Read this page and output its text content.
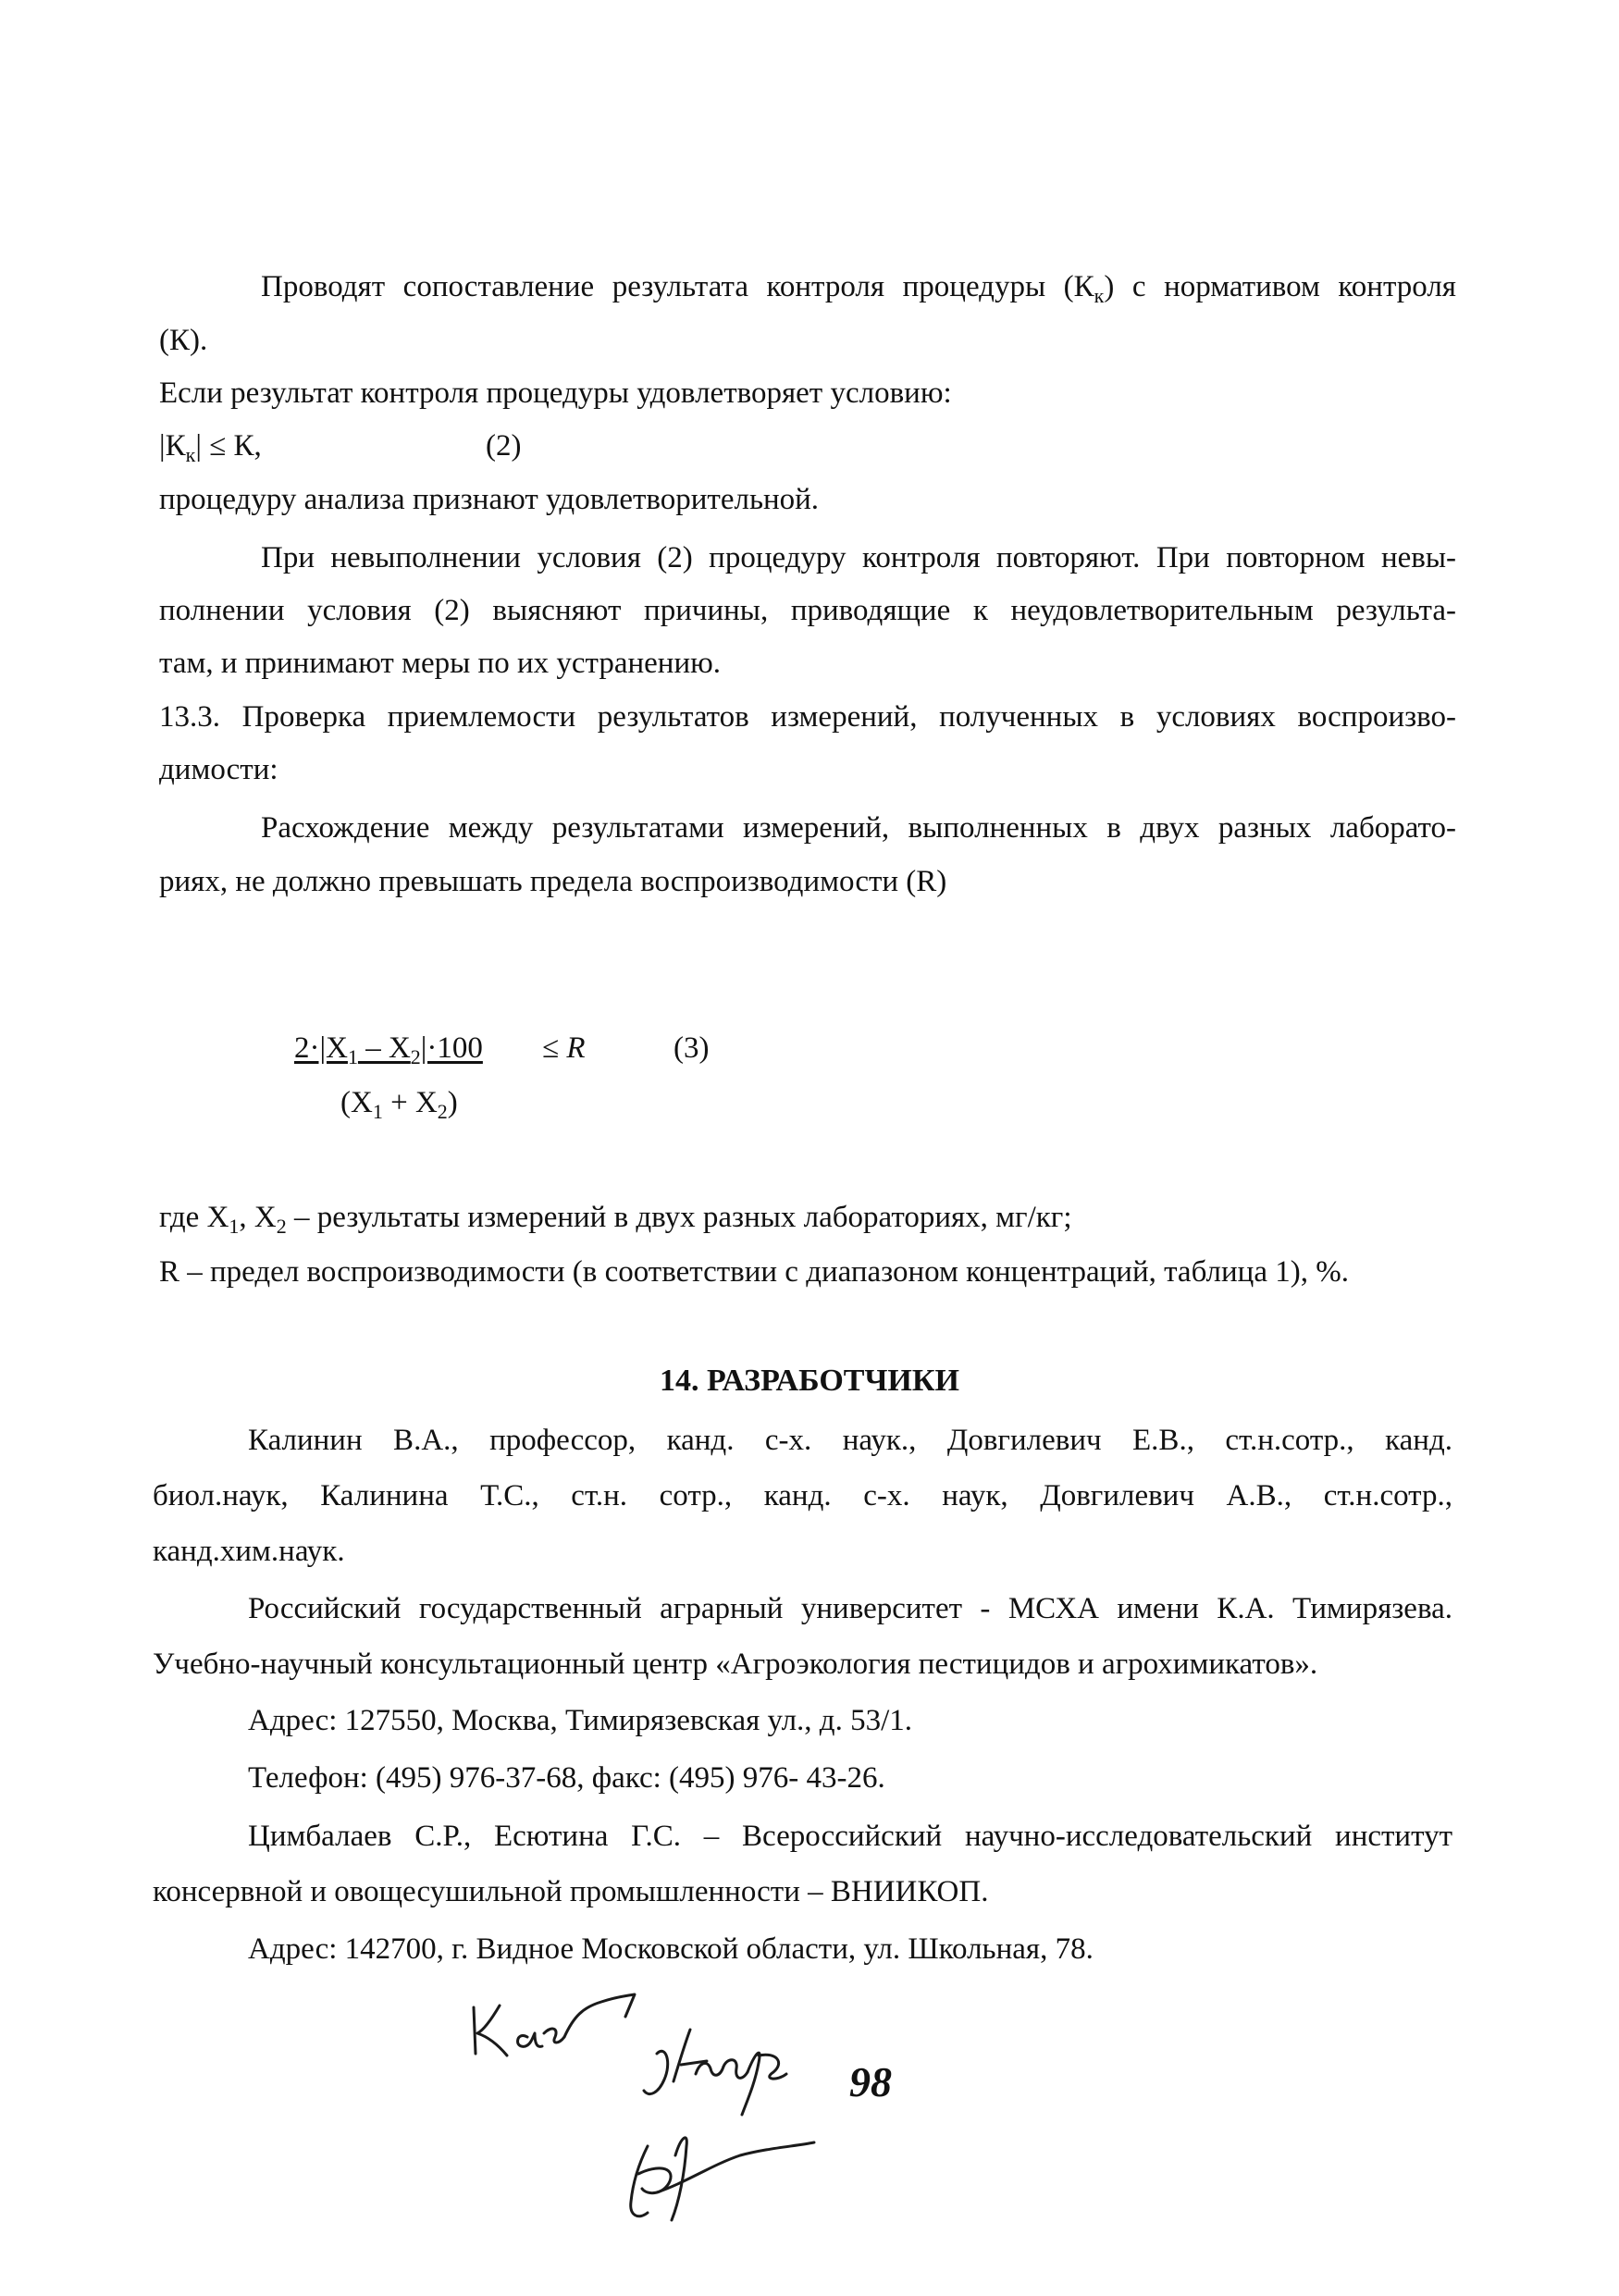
Проводят сопоставление результата контроля процедуры $(К_к)$ с нормативом контроля
(К).
Если результат контроля процедуры удовлетворяет условию:
$|К_к| \le К$,	(2)
процедуру анализа признают удовлетворительной.
При невыполнении условия (2) процедуру контроля повторяют. При повторном невы-
полнении условия (2) выясняют причины, приводящие к неудовлетворительным результа-
там, и принимают меры по их устранению.
13.3. Проверка приемлемости результатов измерений, полученных в условиях воспроизво-
димости:
Расхождение между результатами измерений, выполненных в двух разных лаборато-
риях, не должно превышать предела воспроизводимости (R)
$2\cdot|X_1 - X_2|\cdot 100 \le R$	(3)
$(X_1 + X_2)$
где $X_1$, $X_2$ – результаты измерений в двух разных лабораториях, мг/кг;
R – предел воспроизводимости (в соответствии с диапазоном концентраций, таблица 1), %.
14. РАЗРАБОТЧИКИ
Калинин В.А., профессор, канд. с-х. наук., Довгилевич Е.В., ст.н.сотр., канд.
биол.наук, Калинина Т.С., ст.н. сотр., канд. с-х. наук, Довгилевич А.В., ст.н.сотр.,
канд.хим.наук.
Российский государственный аграрный университет - МСХА имени К.А. Тимирязева.
Учебно-научный консультационный центр «Агроэкология пестицидов и агрохимикатов».
Адрес: 127550, Москва, Тимирязевская ул., д. 53/1.
Телефон: (495) 976-37-68, факс: (495) 976- 43-26.
Цимбалаев С.Р., Есютина Г.С. – Всероссийский научно-исследовательский институт
консервной и овощесушильной промышленности – ВНИИКОП.
Адрес: 142700, г. Видное Московской области, ул. Школьная, 78.
98
